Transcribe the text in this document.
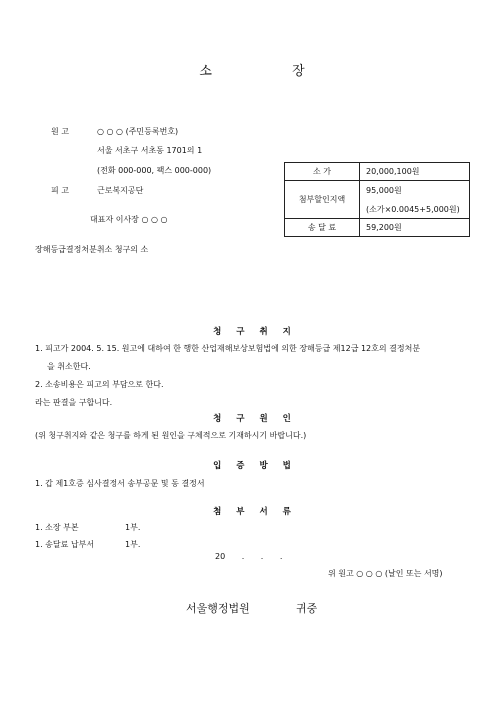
소 장
원 고	○ ○ ○ (주민등록번호)
서울 서초구 서초동 1701의 1
(전화 000-000, 팩스 000-000)
피 고	근로복지공단
대표자 이사장 ○ ○ ○
장해등급결정처분취소 청구의 소
소 가	20,000,100원
첨부할인지액	95,000원
(소가×0.0045+5,000원)

송 달 료	59,200원
청 구 취 지
1. 피고가 2004. 5. 15. 원고에 대하여 한 행한 산업재해보상보험법에 의한 장해등급 제12급 12호의 결정처분
을 취소한다.
2. 소송비용은 피고의 부담으로 한다.
라는 판결을 구합니다.
청 구 원 인
(위 청구취지와 같은 청구를 하게 된 원인을 구체적으로 기재하시기 바랍니다.)
입 증 방 법
1. 갑 제1호증 심사결정서 송부공문 및 동 결정서
첨 부 서 류
1. 소장 부본	1부.
1. 송달료 납부서	1부.
20 . . .
위 원고 ○ ○ ○ (날인 또는 서명)
서울행정법원	귀중
